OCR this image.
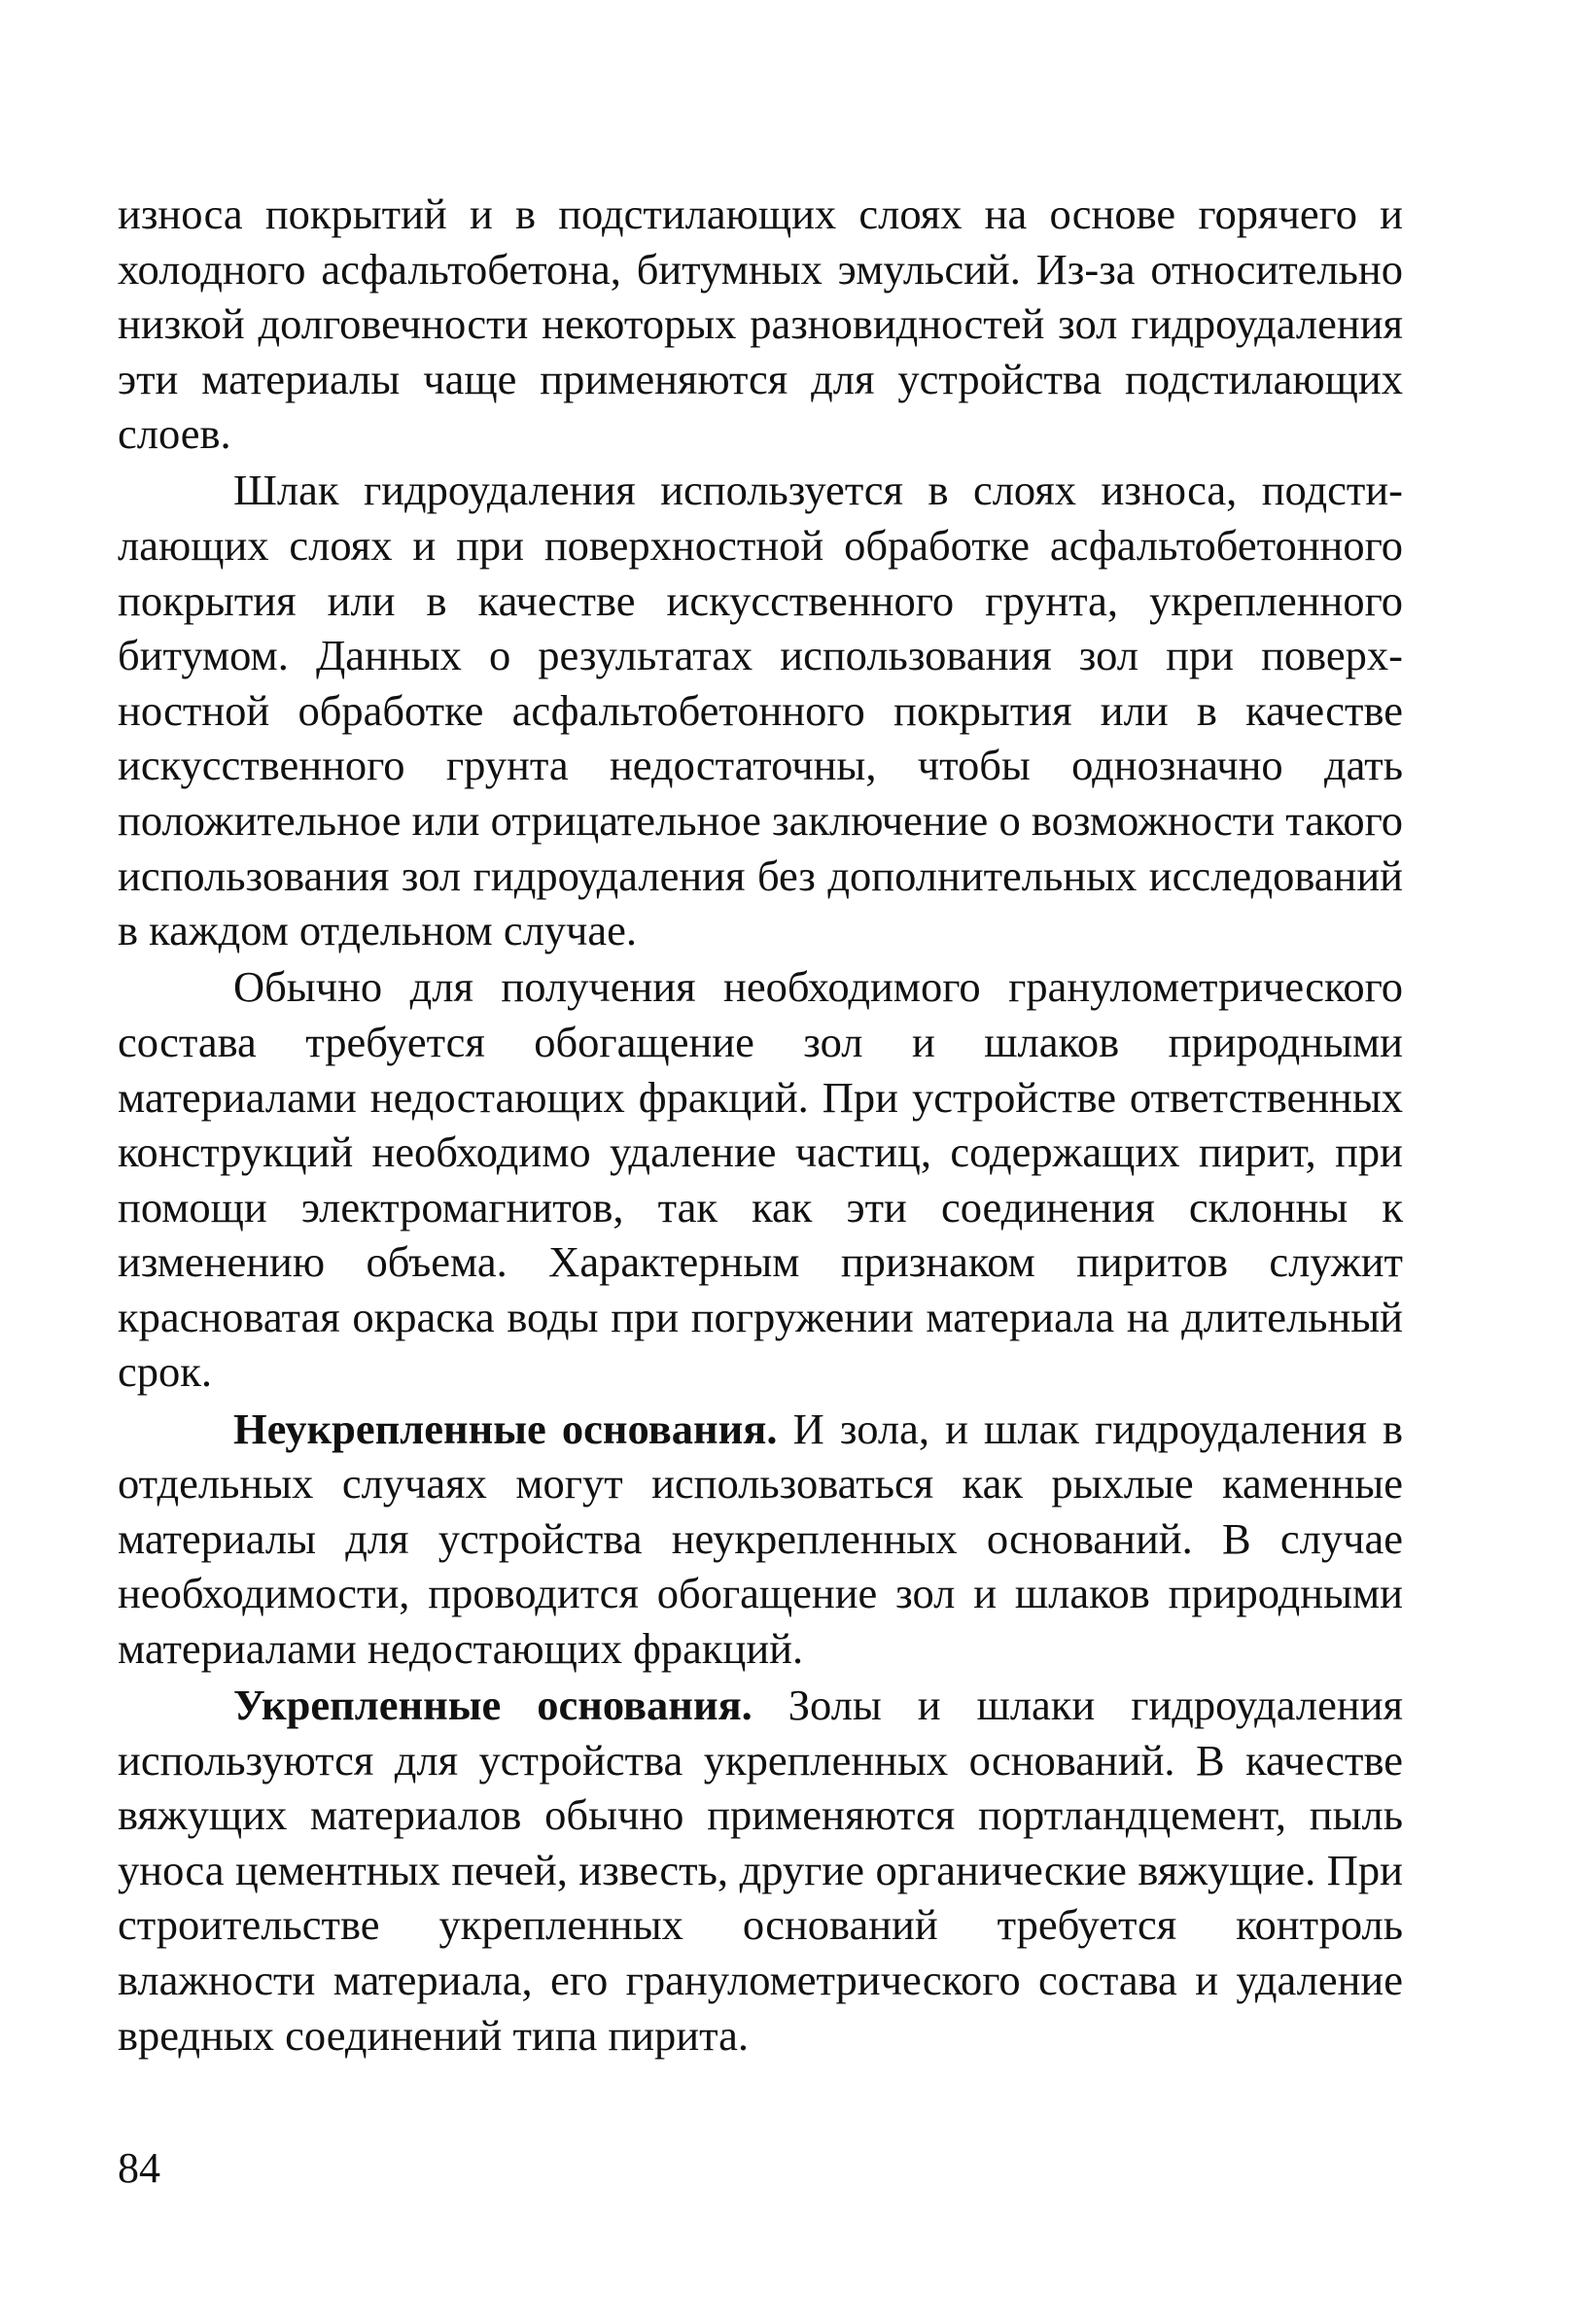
износа покрытий и в подстилающих слоях на основе горячего и холодного асфальтобетона, битумных эмульсий. Из-за относительно низкой долговечности некоторых разновидностей зол гидроудаления эти материалы чаще применяются для устройства подстилающих слоев.

Шлак гидроудаления используется в слоях износа, подстилающих слоях и при поверхностной обработке асфальтобетонного покрытия или в качестве искусственного грунта, укрепленного битумом. Данных о результатах использования зол при поверхностной обработке асфальтобетонного покрытия или в качестве искусственного грунта недостаточны, чтобы однозначно дать положительное или отрицательное заключение о возможности такого использования зол гидроудаления без дополнительных исследований в каждом отдельном случае.

Обычно для получения необходимого гранулометрического состава требуется обогащение зол и шлаков природными материалами недостающих фракций. При устройстве ответственных конструкций необходимо удаление частиц, содержащих пирит, при помощи электромагнитов, так как эти соединения склонны к изменению объема. Характерным признаком пиритов служит красноватая окраска воды при погружении материала на длительный срок.

Неукрепленные основания. И зола, и шлак гидроудаления в отдельных случаях могут использоваться как рыхлые каменные материалы для устройства неукрепленных оснований. В случае необходимости, проводится обогащение зол и шлаков природными материалами недостающих фракций.

Укрепленные основания. Золы и шлаки гидроудаления используются для устройства укрепленных оснований. В качестве вяжущих материалов обычно применяются портландцемент, пыль уноса цементных печей, известь, другие органические вяжущие. При строительстве укрепленных оснований требуется контроль влажности материала, его гранулометрического состава и удаление вредных соединений типа пирита.

84
